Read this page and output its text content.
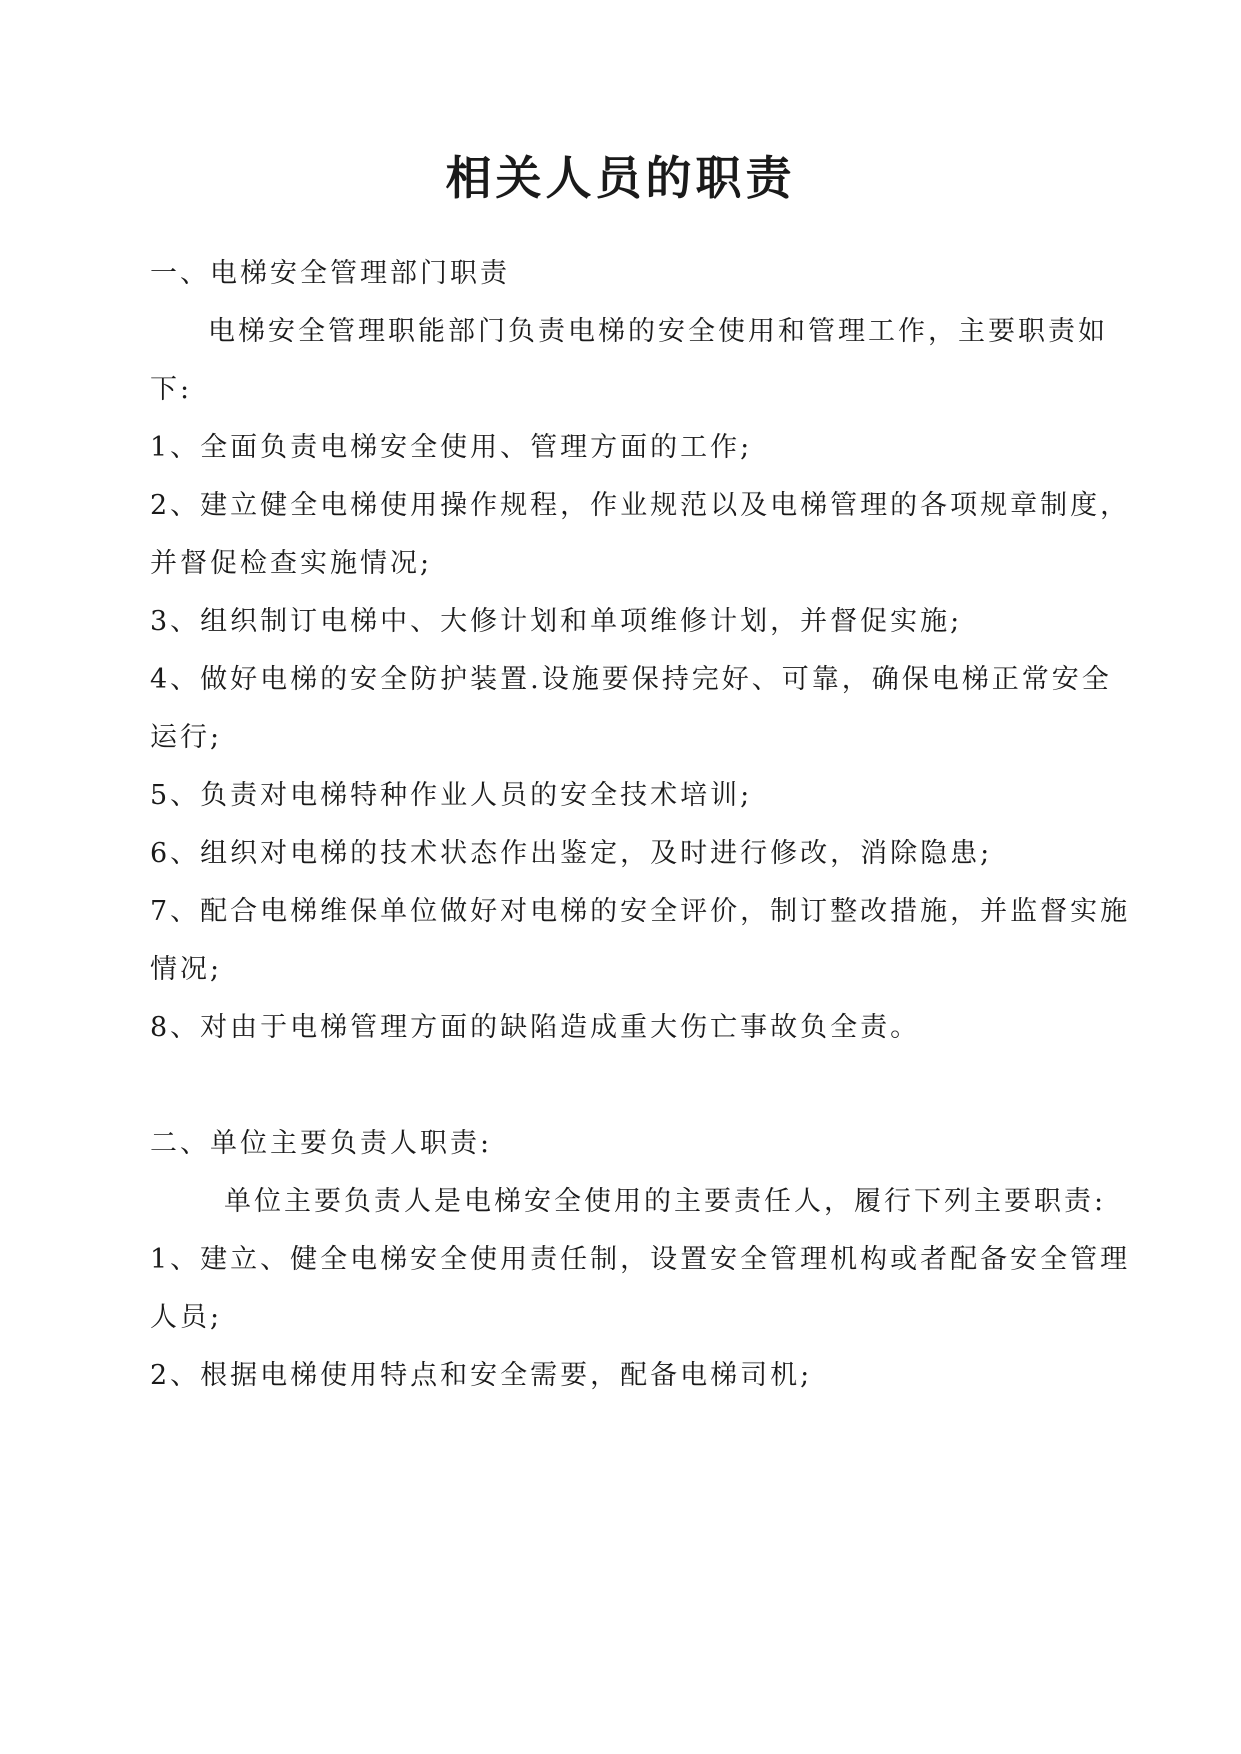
相关人员的职责
一、电梯安全管理部门职责
电梯安全管理职能部门负责电梯的安全使用和管理工作，主要职责如
下:
1、全面负责电梯安全使用、管理方面的工作;
2、建立健全电梯使用操作规程，作业规范以及电梯管理的各项规章制度，
并督促检查实施情况;
3、组织制订电梯中、大修计划和单项维修计划，并督促实施;
4、做好电梯的安全防护装置.设施要保持完好、可靠，确保电梯正常安全
运行;
5、负责对电梯特种作业人员的安全技术培训;
6、组织对电梯的技术状态作出鉴定，及时进行修改，消除隐患;
7、配合电梯维保单位做好对电梯的安全评价，制订整改措施，并监督实施
情况;
8、对由于电梯管理方面的缺陷造成重大伤亡事故负全责。
二、单位主要负责人职责:
单位主要负责人是电梯安全使用的主要责任人，履行下列主要职责:
1、建立、健全电梯安全使用责任制，设置安全管理机构或者配备安全管理
人员;
2、根据电梯使用特点和安全需要，配备电梯司机;
